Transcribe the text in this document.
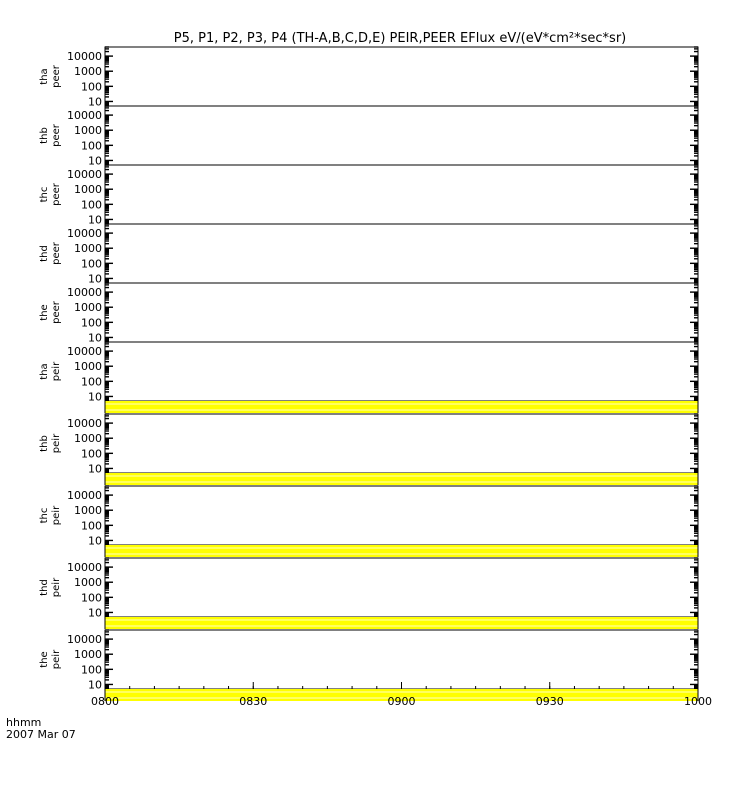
P5, P1, P2, P3, P4 (TH-A,B,C,D,E) PEIR,PEER EFlux eV/(eV*cm²*sec*sr)
10
100
1000
10000
tha peer
10
100
1000
10000
thb peer
10
100
1000
10000
thc peer
10
100
1000
10000
thd peer
10
100
1000
10000
the peer
10
100
1000
10000
tha peir
10
100
1000
10000
thb peir
10
100
1000
10000
thc peir
10
100
1000
10000
thd peir
10
100
1000
10000
the peir
0800	0830	0900	0930	1000
hhmm
2007 Mar 07
